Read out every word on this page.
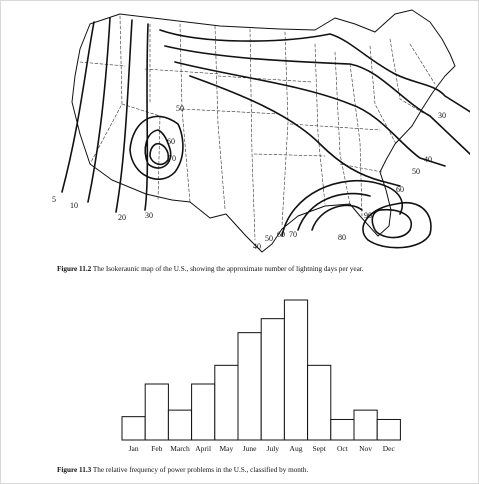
50
60
70
5
10
20 30
30
40
50
60
90
80
40
50 60 70
Figure 11.2 The Isokeraunic map of the U.S., showing the approximate number of lightning days per year.
Jan Feb March April May June July Aug Sept Oct Nov Dec
Figure 11.3 The relative frequency of power problems in the U.S., classified by month.
